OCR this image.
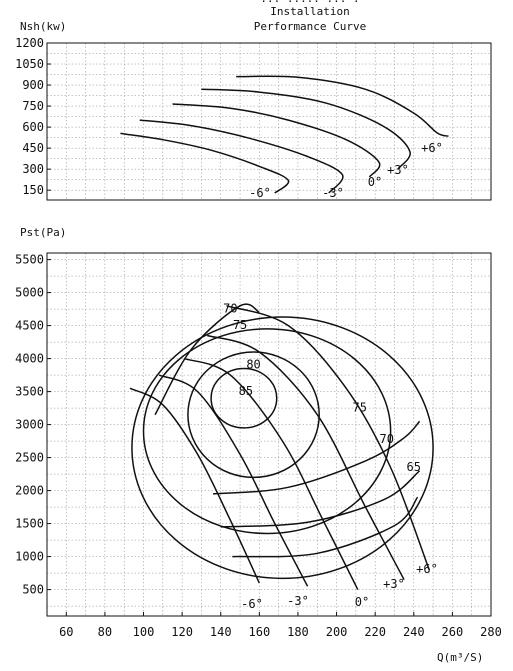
Installation
Performance Curve
Nsh(kw)
150
300
450
600
750
900
1050
1200
-6°	-3°
0°
+3°
+6°
Pst(Pa)
500
1000
1500
2000
2500
3000
3500
4000
4500
5000
5500
60 80 100 120 140 160 180 200 220 240 260 280
Q(m³/S)
-6° -3°	0°
+3°
+6°
70
75
80
85
75
70
65
